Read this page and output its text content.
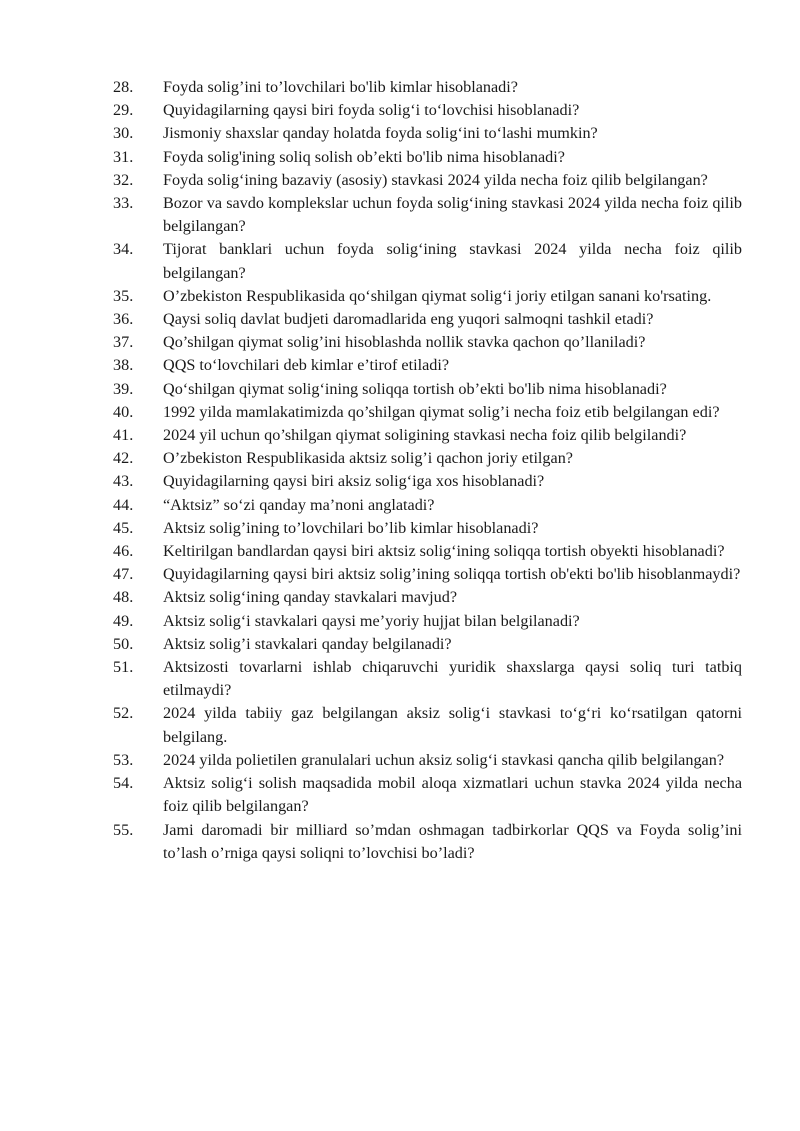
28.	Foyda solig’ini to’lovchilari bo'lib kimlar hisoblanadi?
29.	Quyidagilarning qaysi biri foyda solig‘i to‘lovchisi hisoblanadi?
30.	Jismoniy shaxslar qanday holatda foyda solig‘ini to‘lashi mumkin?
31.	Foyda solig'ining soliq solish ob’ekti bo'lib nima hisoblanadi?
32.	Foyda solig‘ining bazaviy (asosiy) stavkasi 2024 yilda necha foiz qilib belgilangan?
33.	Bozor va savdo komplekslar uchun foyda solig‘ining stavkasi 2024 yilda necha foiz qilib belgilangan?
34.	Tijorat banklari uchun foyda solig‘ining stavkasi 2024 yilda necha foiz qilib belgilangan?
35.	O’zbekiston Respublikasida qo‘shilgan qiymat solig‘i joriy etilgan sanani ko'rsating.
36.	Qaysi soliq davlat budjeti daromadlarida eng yuqori salmoqni tashkil etadi?
37.	Qo’shilgan qiymat solig’ini hisoblashda nollik stavka qachon qo’llaniladi?
38.	QQS to‘lovchilari deb kimlar e’tirof etiladi?
39.	Qo‘shilgan qiymat solig‘ining soliqqa tortish ob’ekti bo'lib nima hisoblanadi?
40.	1992 yilda mamlakatimizda qo’shilgan qiymat solig’i necha foiz etib belgilangan edi?
41.	2024 yil uchun qo’shilgan qiymat soligining stavkasi necha foiz qilib belgilandi?
42.	O’zbekiston Respublikasida aktsiz solig’i qachon joriy etilgan?
43.	Quyidagilarning qaysi biri aksiz solig‘iga xos hisoblanadi?
44.	“Aktsiz” so‘zi qanday ma’noni anglatadi?
45.	Aktsiz solig’ining to’lovchilari bo’lib kimlar hisoblanadi?
46.	Keltirilgan bandlardan qaysi biri aktsiz solig‘ining soliqqa tortish obyekti hisoblanadi?
47.	Quyidagilarning qaysi biri aktsiz solig’ining soliqqa tortish ob'ekti bo'lib hisoblanmaydi?
48.	Aktsiz solig‘ining qanday stavkalari mavjud?
49.	Aktsiz solig‘i stavkalari qaysi me’yoriy hujjat bilan belgilanadi?
50.	Aktsiz solig’i stavkalari qanday belgilanadi?
51.	Aktsizosti tovarlarni ishlab chiqaruvchi yuridik shaxslarga qaysi soliq turi tatbiq etilmaydi?
52.	2024 yilda tabiiy gaz belgilangan aksiz solig‘i stavkasi to‘g‘ri ko‘rsatilgan qatorni belgilang.
53.	2024 yilda polietilen granulalari uchun aksiz solig‘i stavkasi qancha qilib belgilangan?
54.	Aktsiz solig‘i solish maqsadida mobil aloqa xizmatlari uchun stavka 2024 yilda necha foiz qilib belgilangan?
55.	Jami daromadi bir milliard so’mdan oshmagan tadbirkorlar QQS va Foyda solig’ini to’lash o’rniga qaysi soliqni to’lovchisi bo’ladi?
